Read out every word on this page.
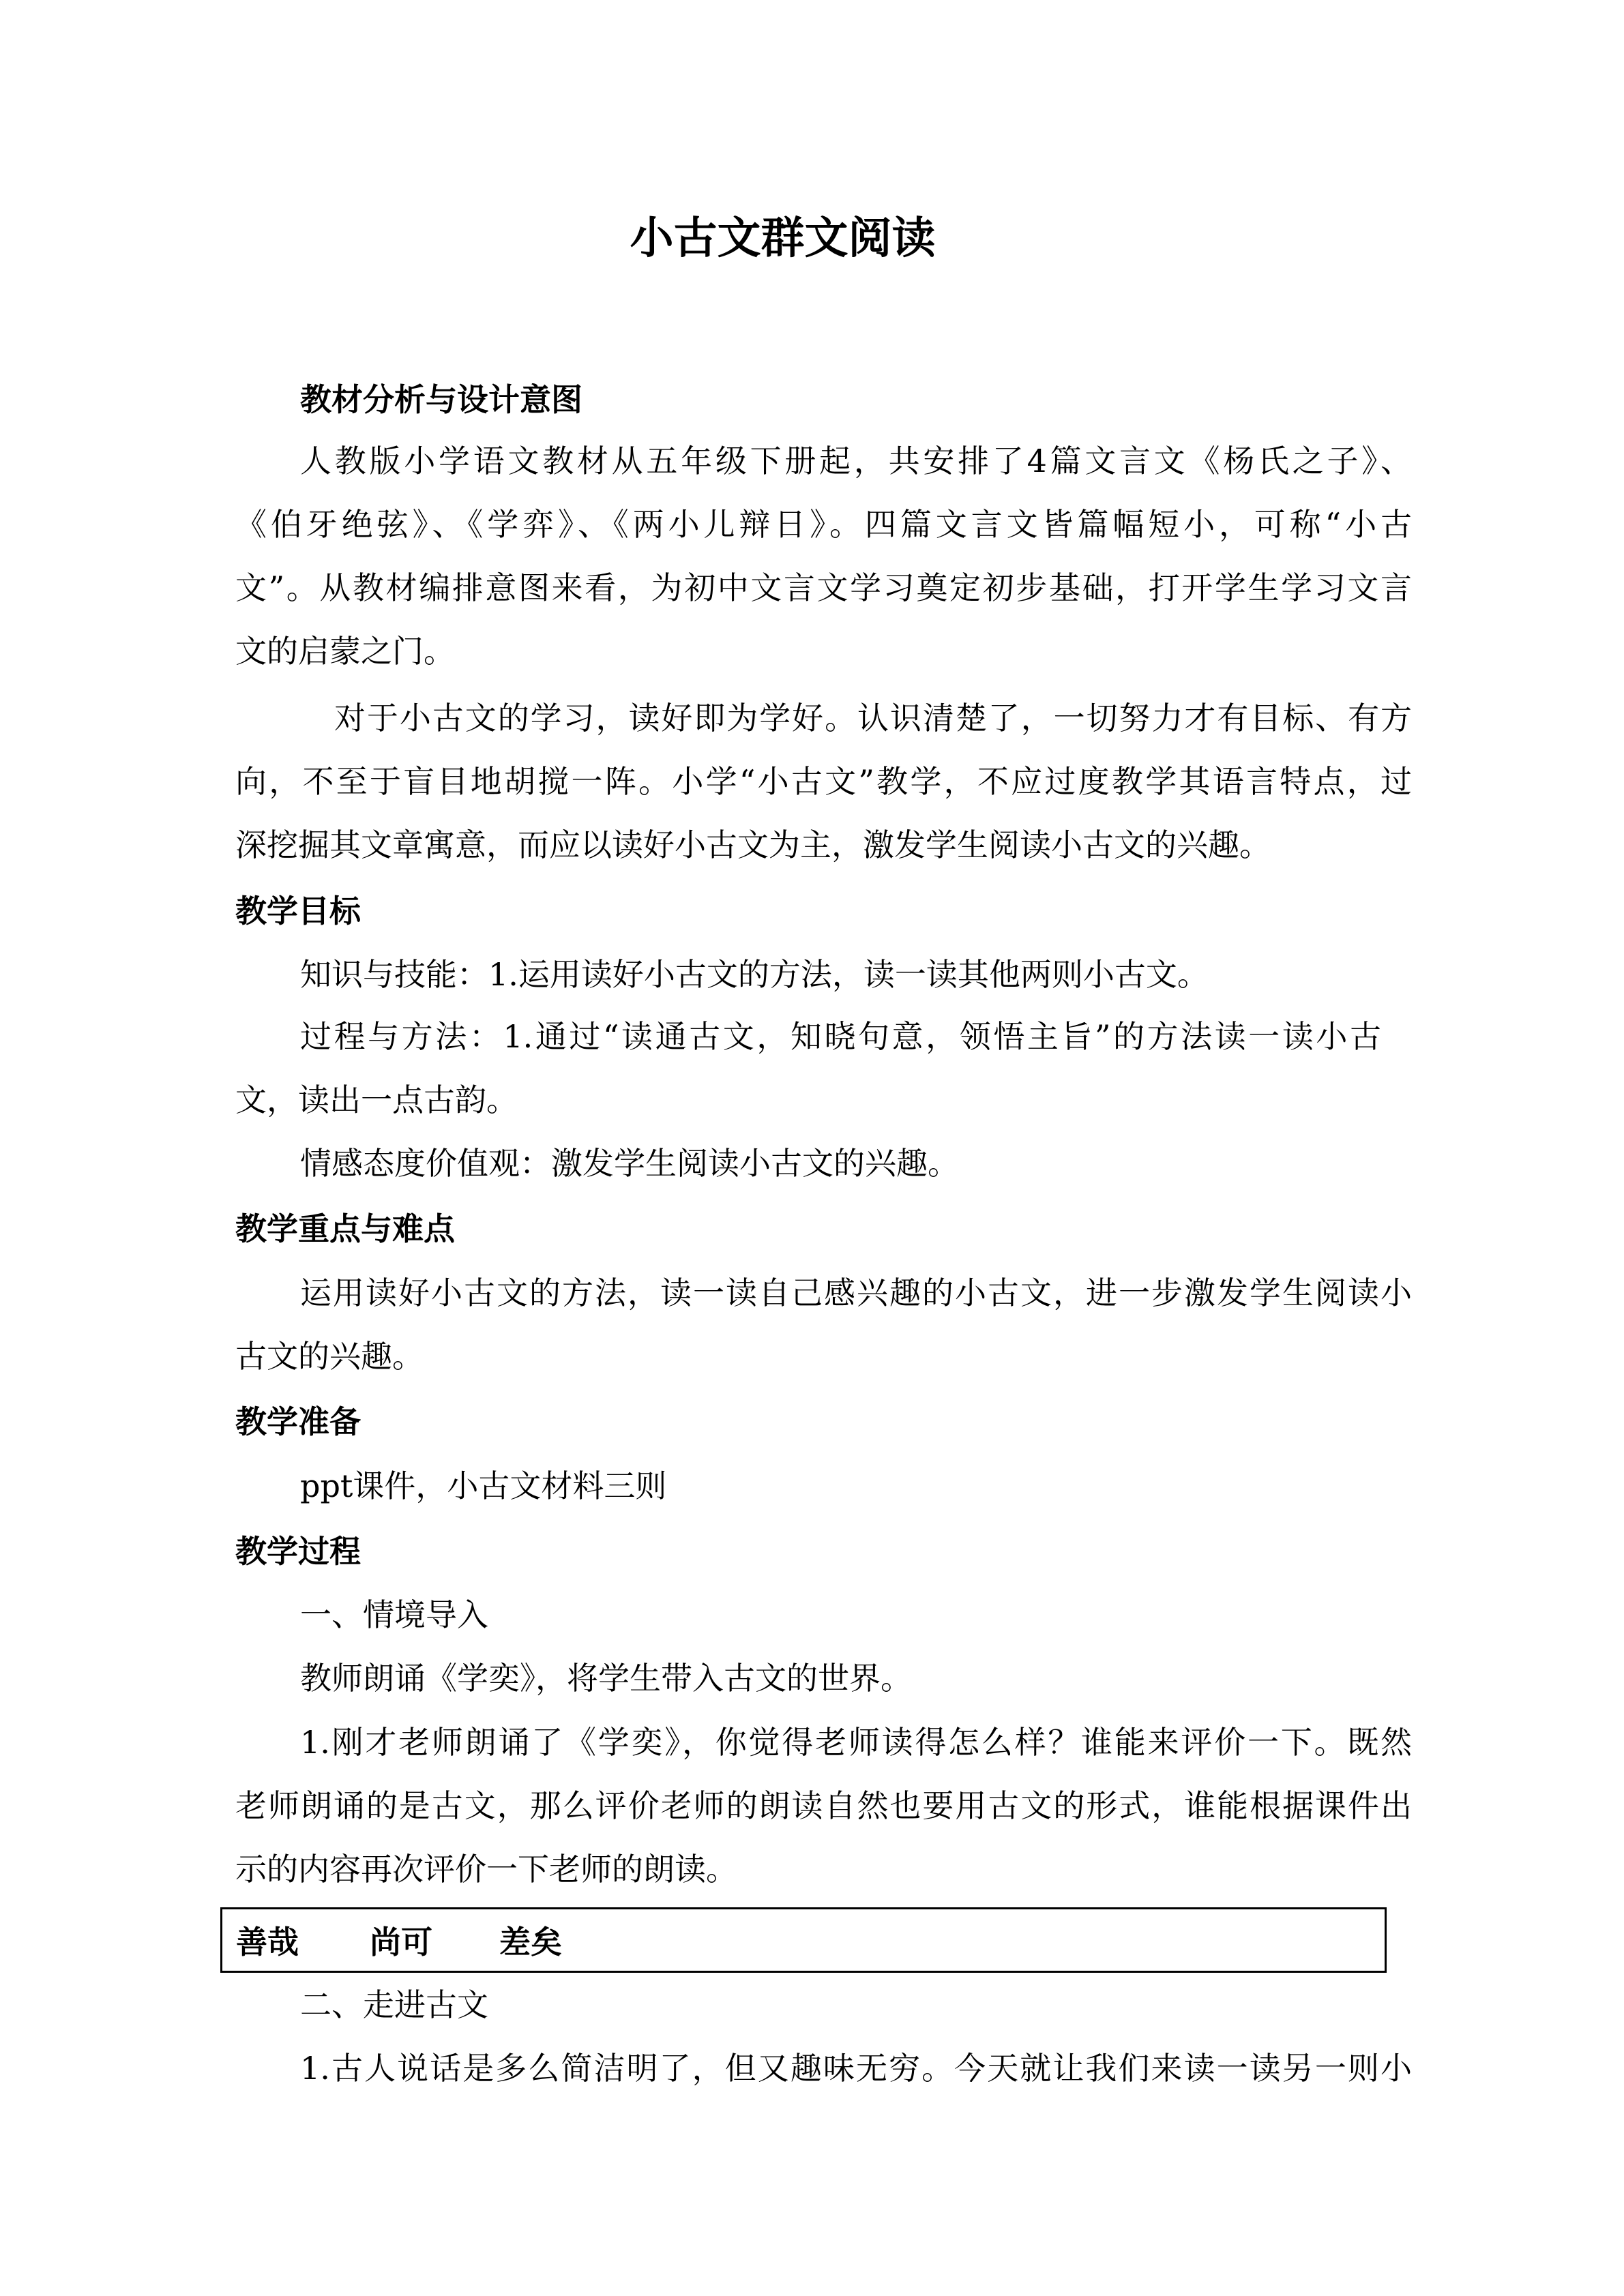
小古文群文阅读
教材分析与设计意图
人教版小学语文教材从五年级下册起，共安排了4篇文言文《杨氏之子》、
《伯牙绝弦》、《学弈》、《两小儿辩日》。四篇文言文皆篇幅短小，可称“小古
文”。从教材编排意图来看，为初中文言文学习奠定初步基础，打开学生学习文言
文的启蒙之门。
对于小古文的学习，读好即为学好。认识清楚了，一切努力才有目标、有方
向，不至于盲目地胡搅一阵。小学“小古文”教学，不应过度教学其语言特点，过
深挖掘其文章寓意，而应以读好小古文为主，激发学生阅读小古文的兴趣。
教学目标
知识与技能：1.运用读好小古文的方法，读一读其他两则小古文。
过程与方法：1.通过“读通古文，知晓句意，领悟主旨”的方法读一读小古
文，读出一点古韵。
情感态度价值观：激发学生阅读小古文的兴趣。
教学重点与难点
运用读好小古文的方法，读一读自己感兴趣的小古文，进一步激发学生阅读小
古文的兴趣。
教学准备
ppt课件，小古文材料三则
教学过程
一、情境导入
教师朗诵《学奕》，将学生带入古文的世界。
1.刚才老师朗诵了《学奕》，你觉得老师读得怎么样？谁能来评价一下。既然
老师朗诵的是古文，那么评价老师的朗读自然也要用古文的形式，谁能根据课件出
示的内容再次评价一下老师的朗读。
善哉 尚可 差矣
二、走进古文
1.古人说话是多么简洁明了，但又趣味无穷。今天就让我们来读一读另一则小
